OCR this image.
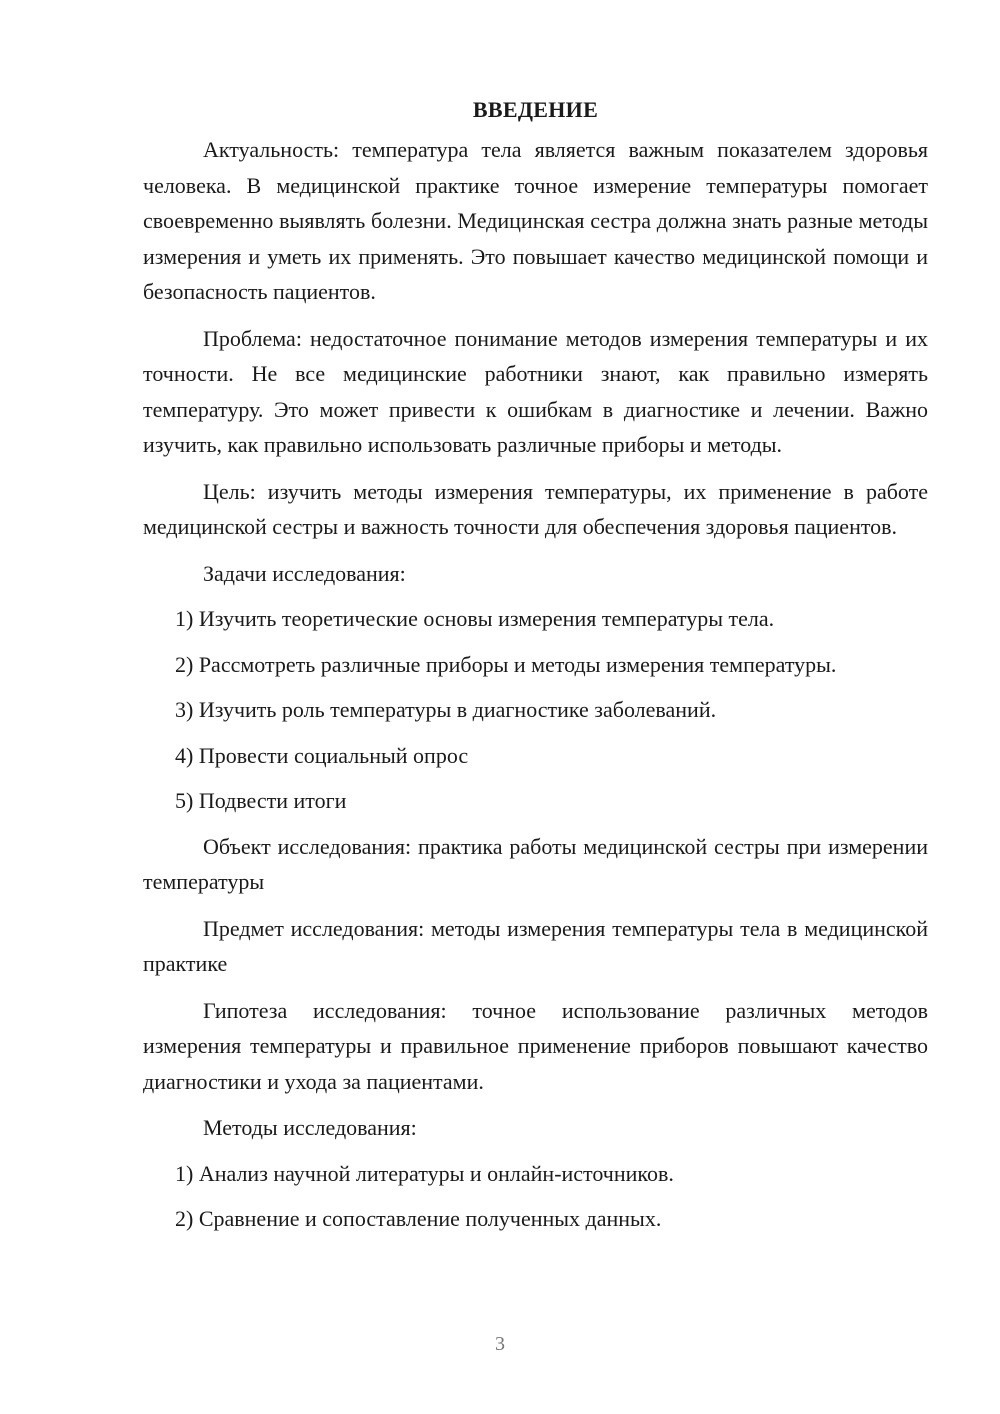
ВВЕДЕНИЕ

Актуальность: температура тела является важным показателем здоровья человека. В медицинской практике точное измерение температуры помогает своевременно выявлять болезни. Медицинская сестра должна знать разные методы измерения и уметь их применять. Это повышает качество медицинской помощи и безопасность пациентов.

Проблема: недостаточное понимание методов измерения температуры и их точности. Не все медицинские работники знают, как правильно измерять температуру. Это может привести к ошибкам в диагностике и лечении. Важно изучить, как правильно использовать различные приборы и методы.

Цель: изучить методы измерения температуры, их применение в работе медицинской сестры и важность точности для обеспечения здоровья пациентов.

Задачи исследования:

1) Изучить теоретические основы измерения температуры тела.

2) Рассмотреть различные приборы и методы измерения температуры.

3) Изучить роль температуры в диагностике заболеваний.

4) Провести социальный опрос

5) Подвести итоги

Объект исследования: практика работы медицинской сестры при измерении температуры

Предмет исследования: методы измерения температуры тела в медицинской практике

Гипотеза исследования: точное использование различных методов измерения температуры и правильное применение приборов повышают качество диагностики и ухода за пациентами.

Методы исследования:

1) Анализ научной литературы и онлайн-источников.

2) Сравнение и сопоставление полученных данных.

3
